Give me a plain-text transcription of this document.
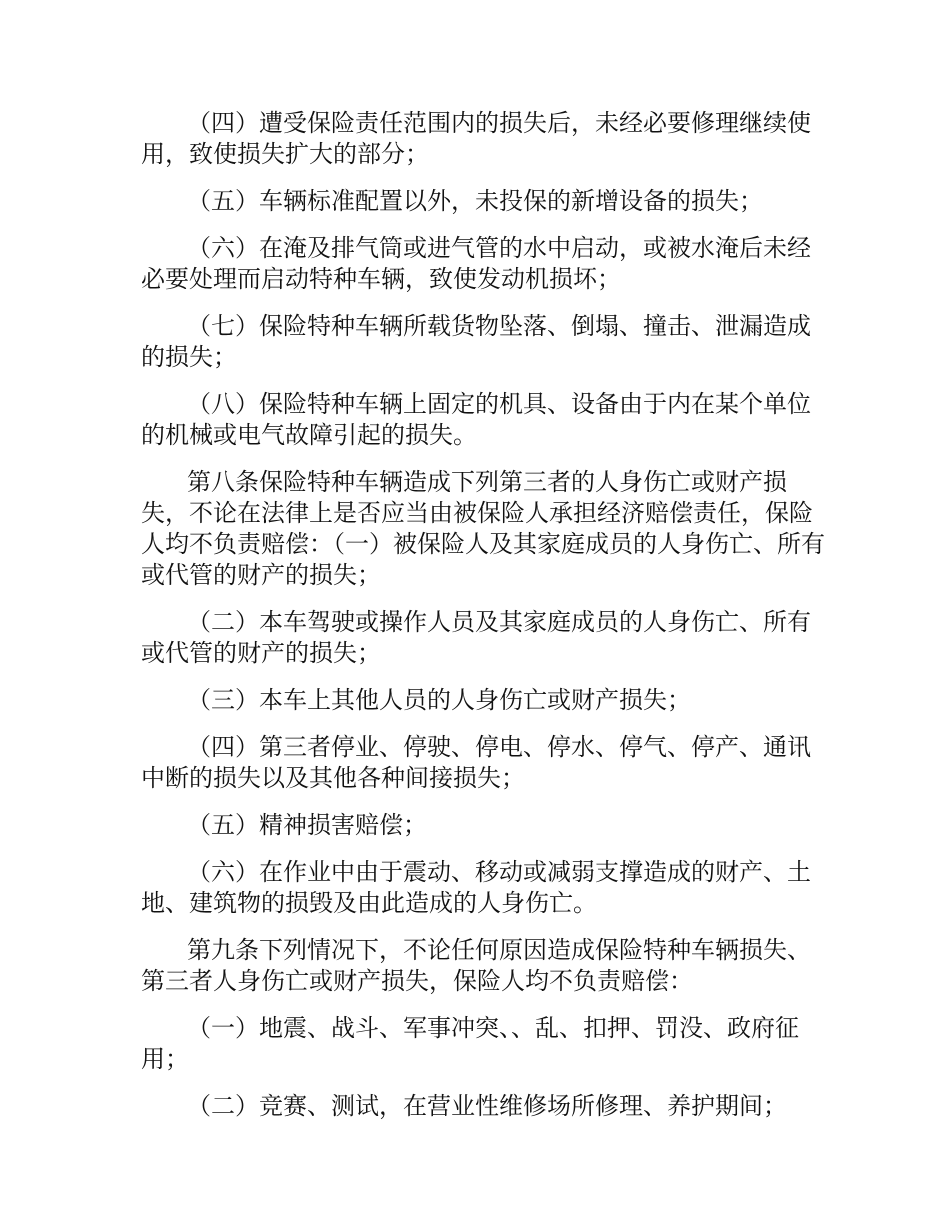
（四）遭受保险责任范围内的损失后，未经必要修理继续使用，致使损失扩大的部分；

（五）车辆标准配置以外，未投保的新增设备的损失；

（六）在淹及排气筒或进气管的水中启动，或被水淹后未经必要处理而启动特种车辆，致使发动机损坏；

（七）保险特种车辆所载货物坠落、倒塌、撞击、泄漏造成的损失；

（八）保险特种车辆上固定的机具、设备由于内在某个单位的机械或电气故障引起的损失。

第八条保险特种车辆造成下列第三者的人身伤亡或财产损失，不论在法律上是否应当由被保险人承担经济赔偿责任，保险人均不负责赔偿：（一）被保险人及其家庭成员的人身伤亡、所有或代管的财产的损失；

（二）本车驾驶或操作人员及其家庭成员的人身伤亡、所有或代管的财产的损失；

（三）本车上其他人员的人身伤亡或财产损失；

（四）第三者停业、停驶、停电、停水、停气、停产、通讯中断的损失以及其他各种间接损失；

（五）精神损害赔偿；

（六）在作业中由于震动、移动或减弱支撑造成的财产、土地、建筑物的损毁及由此造成的人身伤亡。

第九条下列情况下，不论任何原因造成保险特种车辆损失、第三者人身伤亡或财产损失，保险人均不负责赔偿：

（一）地震、战斗、军事冲突、、乱、扣押、罚没、政府征用；

（二）竞赛、测试，在营业性维修场所修理、养护期间；
